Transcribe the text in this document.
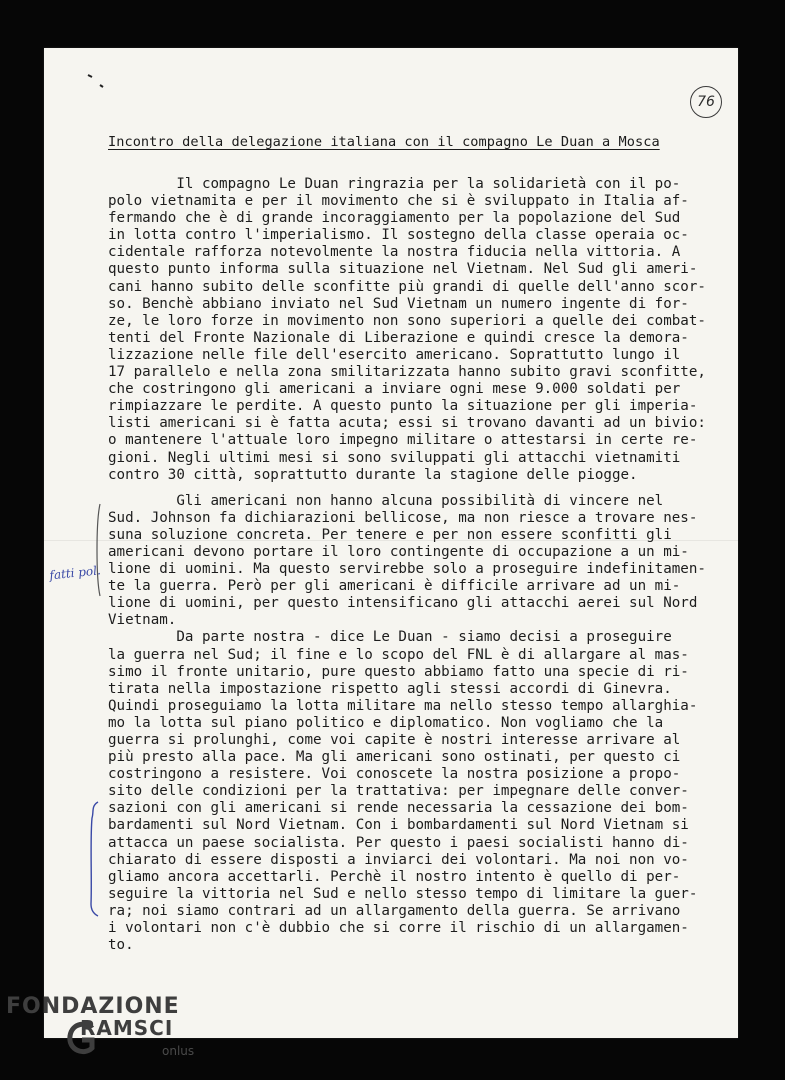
76
Incontro della delegazione italiana con il compagno Le Duan a Mosca
Il compagno Le Duan ringrazia per la solidarietà con il po-
polo vietnamita e per il movimento che si è sviluppato in Italia af-
fermando che è di grande incoraggiamento per la popolazione del Sud
in lotta contro l'imperialismo. Il sostegno della classe operaia oc-
cidentale rafforza notevolmente la nostra fiducia nella vittoria. A
questo punto informa sulla situazione nel Vietnam. Nel Sud gli ameri-
cani hanno subito delle sconfitte più grandi di quelle dell'anno scor-
so. Benchè abbiano inviato nel Sud Vietnam un numero ingente di for-
ze, le loro forze in movimento non sono superiori a quelle dei combat-
tenti del Fronte Nazionale di Liberazione e quindi cresce la demora-
lizzazione nelle file dell'esercito americano. Soprattutto lungo il
17 parallelo e nella zona smilitarizzata hanno subito gravi sconfitte,
che costringono gli americani a inviare ogni mese 9.000 soldati per
rimpiazzare le perdite. A questo punto la situazione per gli imperia-
listi americani si è fatta acuta; essi si trovano davanti ad un bivio:
o mantenere l'attuale loro impegno militare o attestarsi in certe re-
gioni. Negli ultimi mesi si sono sviluppati gli attacchi vietnamiti
contro 30 città, soprattutto durante la stagione delle piogge.
Gli americani non hanno alcuna possibilità di vincere nel
Sud. Johnson fa dichiarazioni bellicose, ma non riesce a trovare nes-
suna soluzione concreta. Per tenere e per non essere sconfitti gli
americani devono portare il loro contingente di occupazione a un mi-
lione di uomini. Ma questo servirebbe solo a proseguire indefinitamen-
te la guerra. Però per gli americani è difficile arrivare ad un mi-
lione di uomini, per questo intensificano gli attacchi aerei sul Nord
Vietnam.
Da parte nostra - dice Le Duan - siamo decisi a proseguire
la guerra nel Sud; il fine e lo scopo del FNL è di allargare al mas-
simo il fronte unitario, pure questo abbiamo fatto una specie di ri-
tirata nella impostazione rispetto agli stessi accordi di Ginevra.
Quindi proseguiamo la lotta militare ma nello stesso tempo allarghia-
mo la lotta sul piano politico e diplomatico. Non vogliamo che la
guerra si prolunghi, come voi capite è nostri interesse arrivare al
più presto alla pace. Ma gli americani sono ostinati, per questo ci
costringono a resistere. Voi conoscete la nostra posizione a propo-
sito delle condizioni per la trattativa: per impegnare delle conver-
sazioni con gli americani si rende necessaria la cessazione dei bom-
bardamenti sul Nord Vietnam. Con i bombardamenti sul Nord Vietnam si
attacca un paese socialista. Per questo i paesi socialisti hanno di-
chiarato di essere disposti a inviarci dei volontari. Ma noi non vo-
gliamo ancora accettarli. Perchè il nostro intento è quello di per-
seguire la vittoria nel Sud e nello stesso tempo di limitare la guer-
ra; noi siamo contrari ad un allargamento della guerra. Se arrivano
i volontari non c'è dubbio che si corre il rischio di un allargamen-
to.
fatti pol.
FONDAZIONE
RAMSCI
onlus
